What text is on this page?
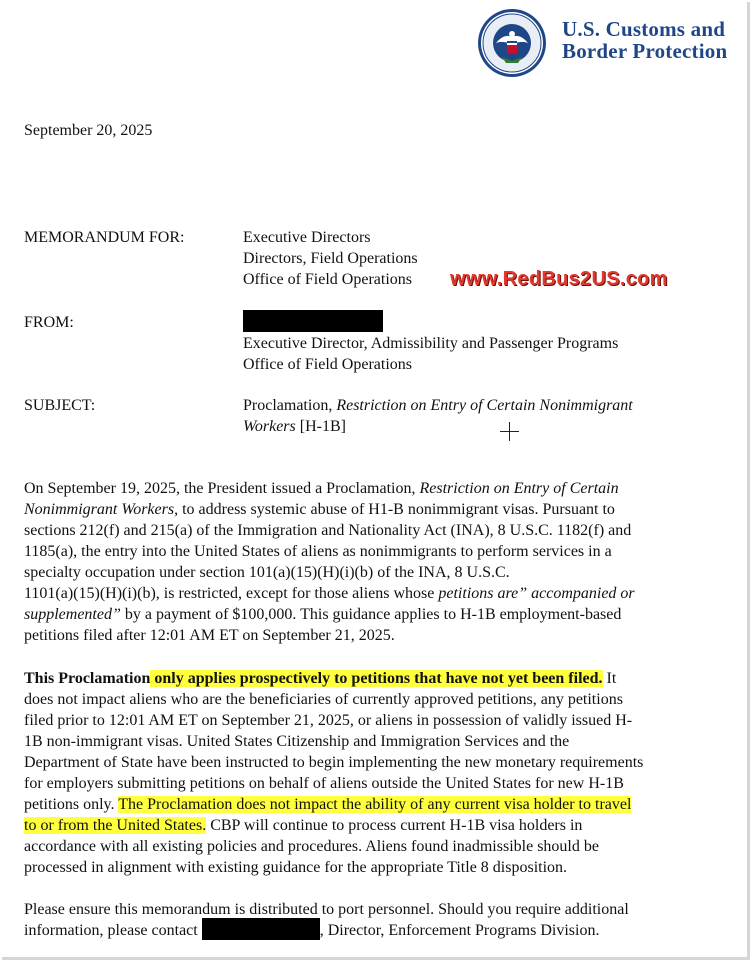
U.S. Customs and
Border Protection
September 20, 2025
MEMORANDUM FOR:	Executive Directors
Directors, Field Operations
Office of Field Operations www.RedBus2US.com
FROM:
Executive Director, Admissibility and Passenger Programs
Office of Field Operations
SUBJECT:	Proclamation, Restriction on Entry of Certain Nonimmigrant
Workers [H-1B]
On September 19, 2025, the President issued a Proclamation, Restriction on Entry of Certain
Nonimmigrant Workers, to address systemic abuse of H1-B nonimmigrant visas. Pursuant to
sections 212(f) and 215(a) of the Immigration and Nationality Act (INA), 8 U.S.C. 1182(f) and
1185(a), the entry into the United States of aliens as nonimmigrants to perform services in a
specialty occupation under section 101(a)(15)(H)(i)(b) of the INA, 8 U.S.C.
1101(a)(15)(H)(i)(b), is restricted, except for those aliens whose petitions are” accompanied or
supplemented” by a payment of $100,000. This guidance applies to H-1B employment-based
petitions filed after 12:01 AM ET on September 21, 2025.
This Proclamation only applies prospectively to petitions that have not yet been filed. It
does not impact aliens who are the beneficiaries of currently approved petitions, any petitions
filed prior to 12:01 AM ET on September 21, 2025, or aliens in possession of validly issued H-
1B non-immigrant visas. United States Citizenship and Immigration Services and the
Department of State have been instructed to begin implementing the new monetary requirements
for employers submitting petitions on behalf of aliens outside the United States for new H-1B
petitions only. The Proclamation does not impact the ability of any current visa holder to travel
to or from the United States. CBP will continue to process current H-1B visa holders in
accordance with all existing policies and procedures. Aliens found inadmissible should be
processed in alignment with existing guidance for the appropriate Title 8 disposition.
Please ensure this memorandum is distributed to port personnel. Should you require additional
information, please contact	, Director, Enforcement Programs Division.
